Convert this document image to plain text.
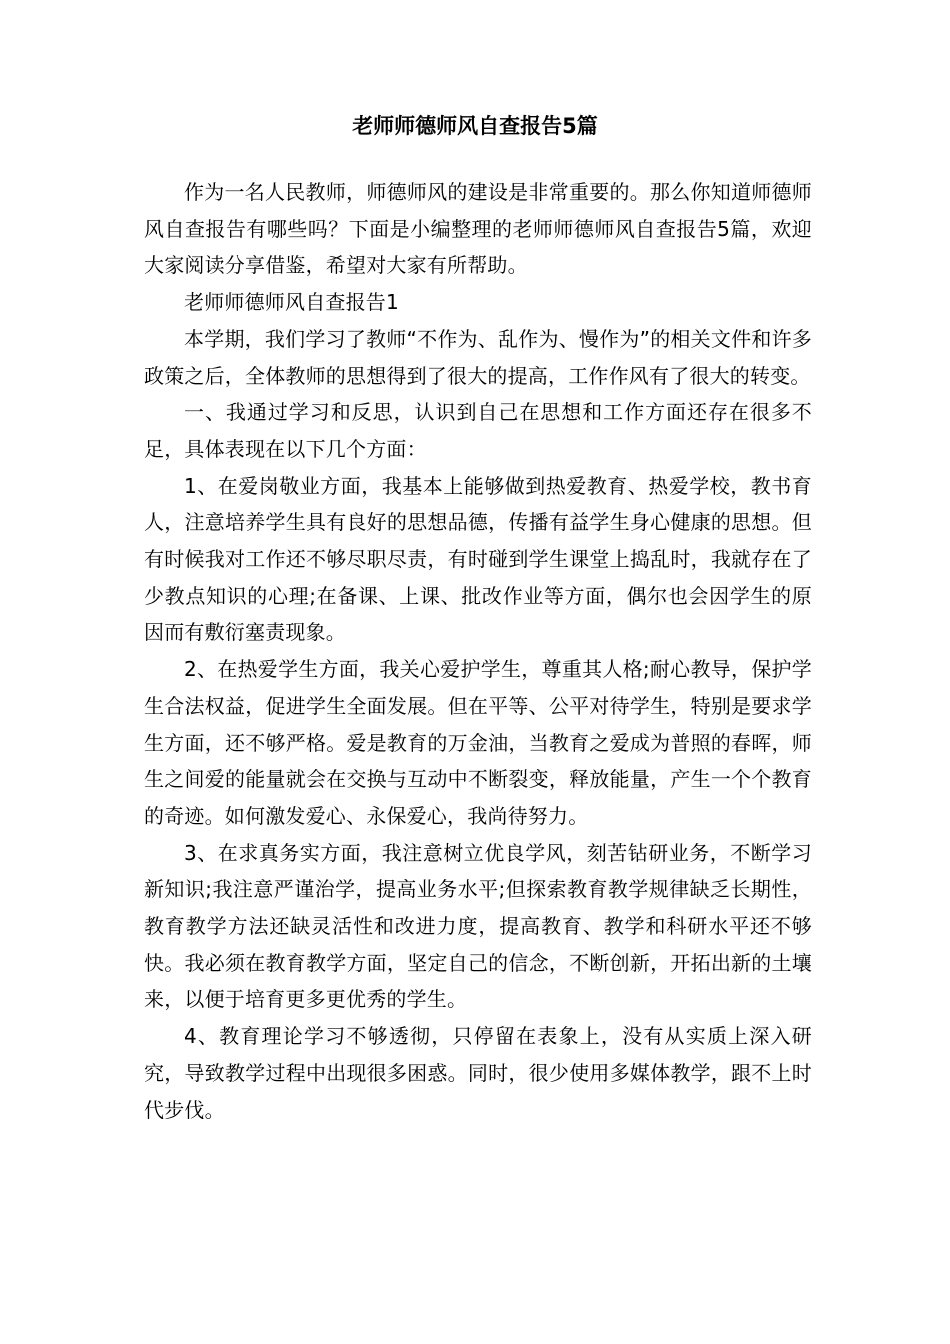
老师师德师风自查报告5篇

作为一名人民教师，师德师风的建设是非常重要的。那么你知道师德师风自查报告有哪些吗？下面是小编整理的老师师德师风自查报告5篇，欢迎大家阅读分享借鉴，希望对大家有所帮助。

老师师德师风自查报告1

本学期，我们学习了教师“不作为、乱作为、慢作为”的相关文件和许多政策之后，全体教师的思想得到了很大的提高，工作作风有了很大的转变。

一、我通过学习和反思，认识到自己在思想和工作方面还存在很多不足，具体表现在以下几个方面：

1、在爱岗敬业方面，我基本上能够做到热爱教育、热爱学校，教书育人，注意培养学生具有良好的思想品德，传播有益学生身心健康的思想。但有时候我对工作还不够尽职尽责，有时碰到学生课堂上捣乱时，我就存在了少教点知识的心理;在备课、上课、批改作业等方面，偶尔也会因学生的原因而有敷衍塞责现象。

2、在热爱学生方面，我关心爱护学生，尊重其人格;耐心教导，保护学生合法权益，促进学生全面发展。但在平等、公平对待学生，特别是要求学生方面，还不够严格。爱是教育的万金油，当教育之爱成为普照的春晖，师生之间爱的能量就会在交换与互动中不断裂变，释放能量，产生一个个教育的奇迹。如何激发爱心、永保爱心，我尚待努力。

3、在求真务实方面，我注意树立优良学风，刻苦钻研业务，不断学习新知识;我注意严谨治学，提高业务水平;但探索教育教学规律缺乏长期性，教育教学方法还缺灵活性和改进力度，提高教育、教学和科研水平还不够快。我必须在教育教学方面，坚定自己的信念，不断创新，开拓出新的土壤来，以便于培育更多更优秀的学生。

4、教育理论学习不够透彻，只停留在表象上，没有从实质上深入研究，导致教学过程中出现很多困惑。同时，很少使用多媒体教学，跟不上时代步伐。
